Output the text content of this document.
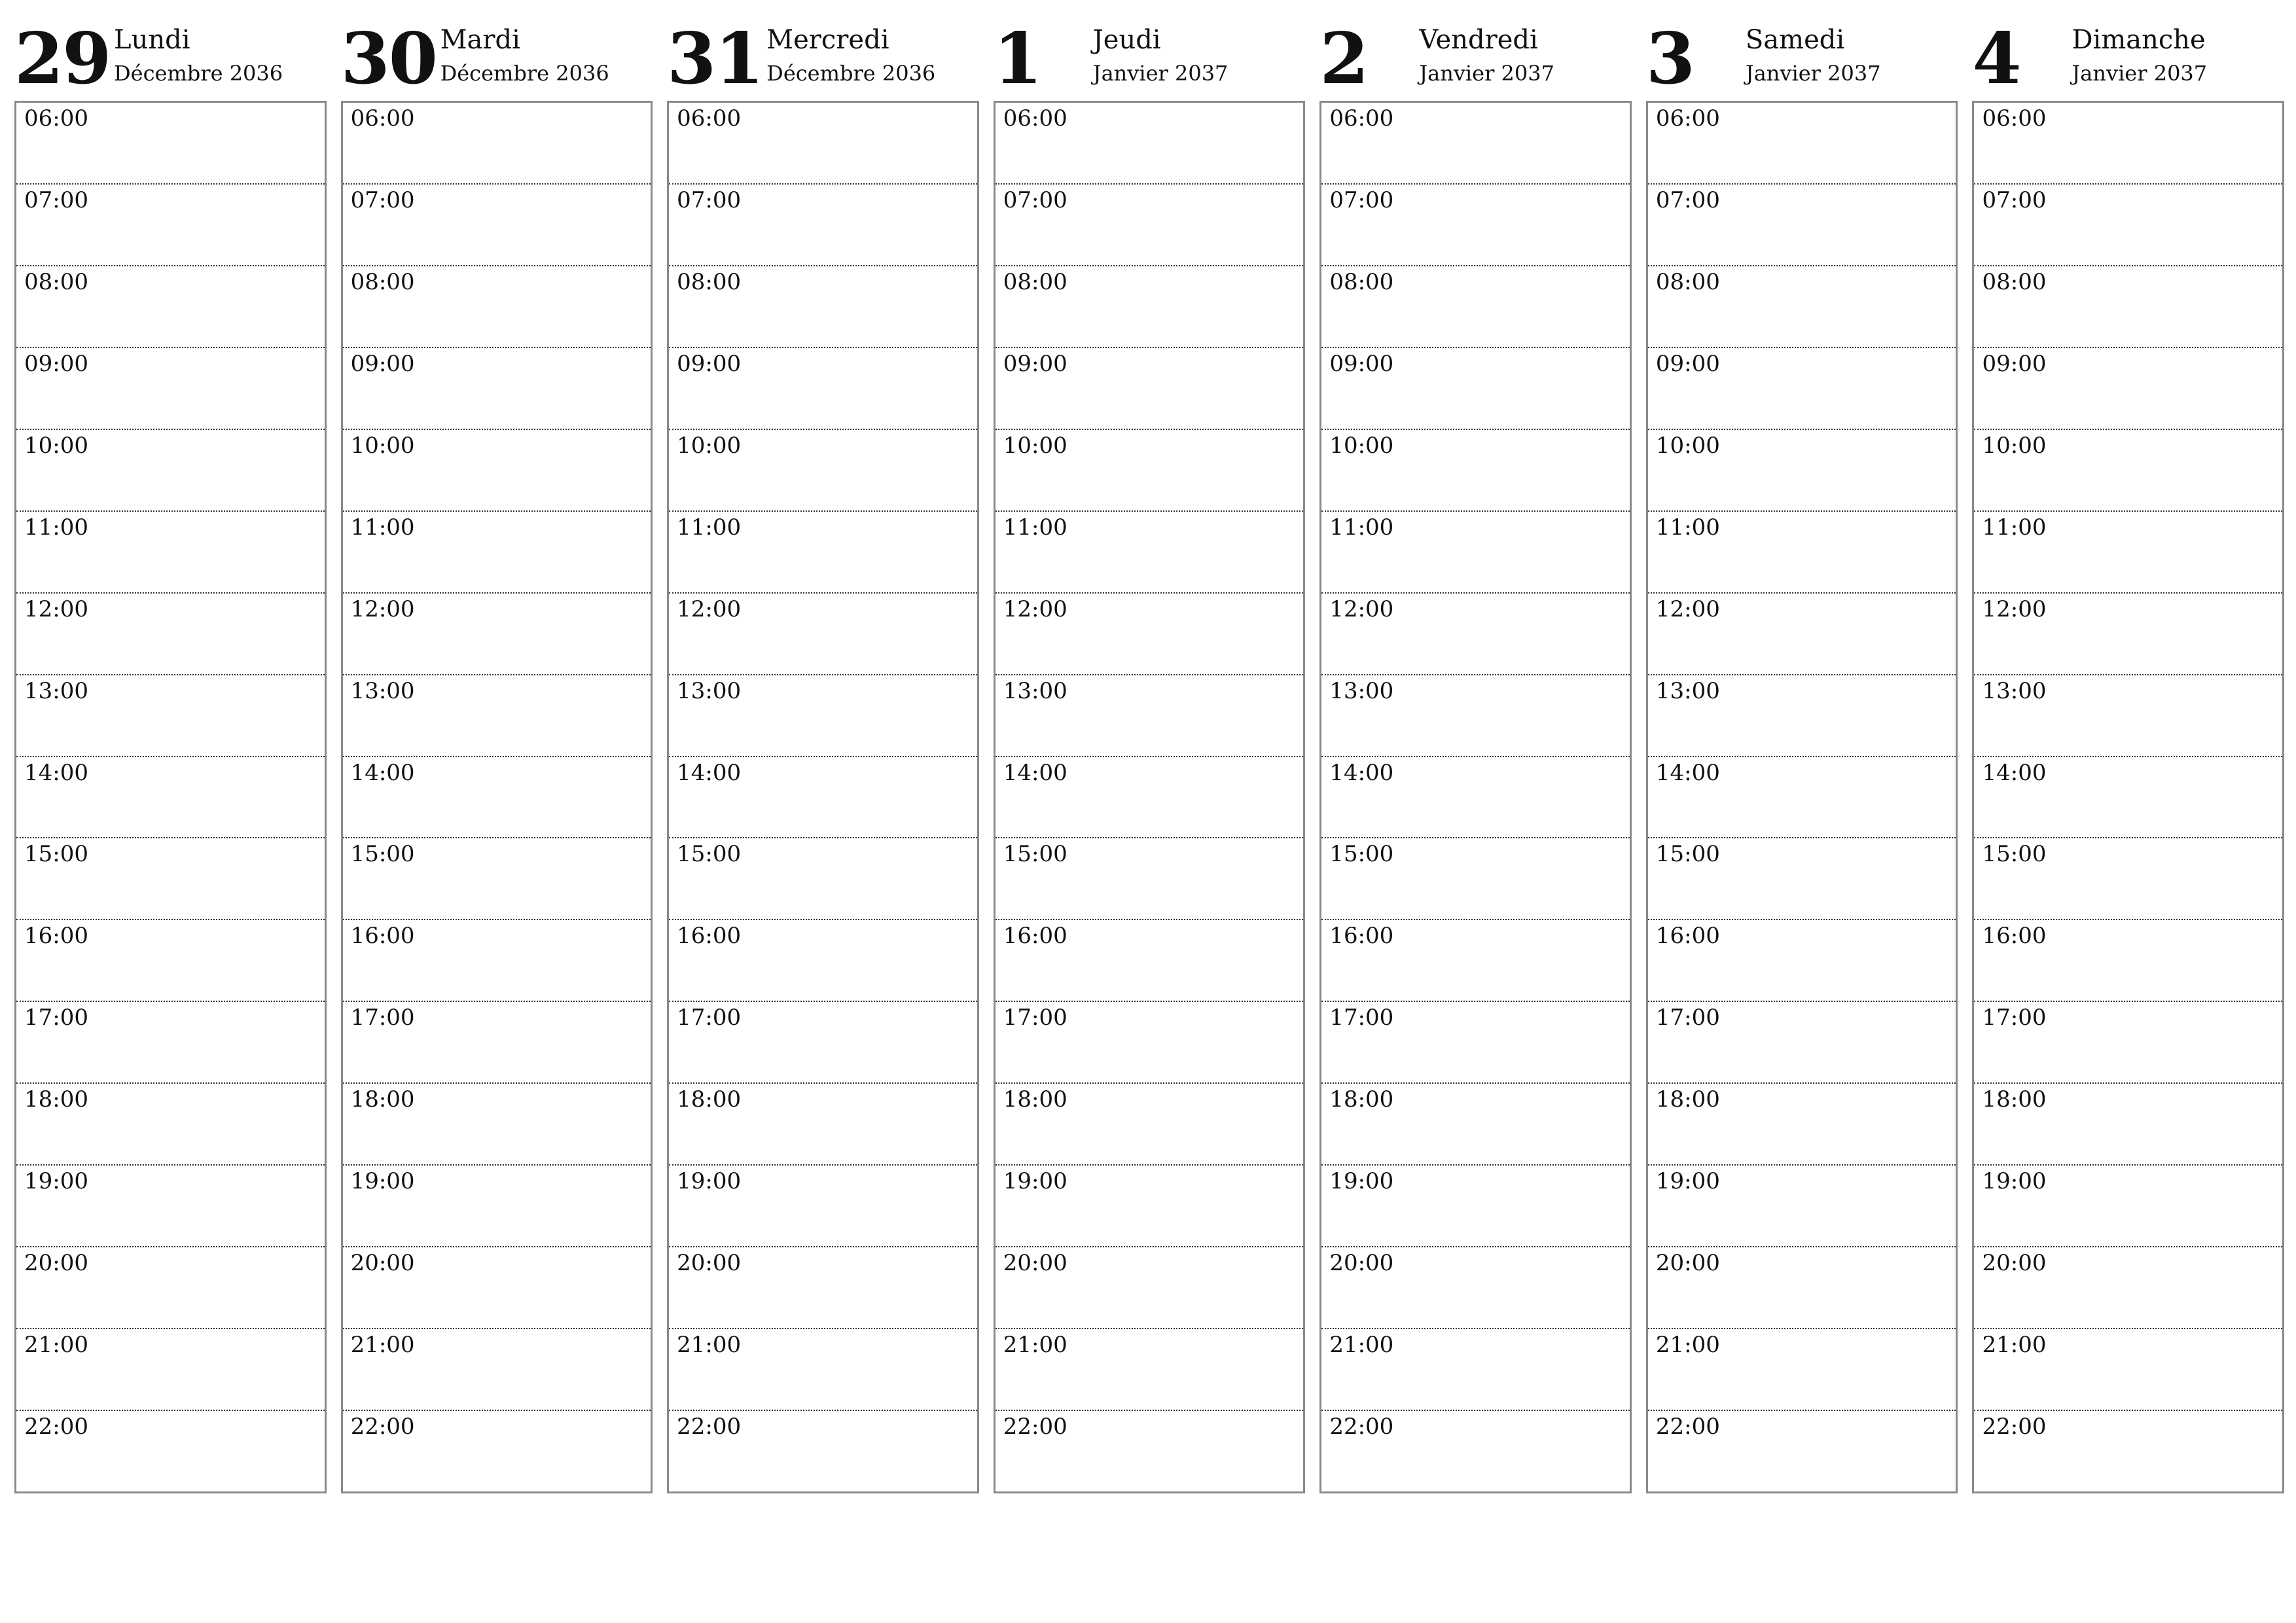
29 Lundi
Décembre 2036
06:00
07:00
08:00
09:00
10:00
11:00
12:00
13:00
14:00
15:00
16:00
17:00
18:00
19:00
20:00
21:00
22:00
30 Mardi
Décembre 2036
06:00
07:00
08:00
09:00
10:00
11:00
12:00
13:00
14:00
15:00
16:00
17:00
18:00
19:00
20:00
21:00
22:00
31 Mercredi
Décembre 2036
06:00
07:00
08:00
09:00
10:00
11:00
12:00
13:00
14:00
15:00
16:00
17:00
18:00
19:00
20:00
21:00
22:00
1	Jeudi
Janvier 2037
06:00
07:00
08:00
09:00
10:00
11:00
12:00
13:00
14:00
15:00
16:00
17:00
18:00
19:00
20:00
21:00
22:00
2	Vendredi
Janvier 2037
06:00
07:00
08:00
09:00
10:00
11:00
12:00
13:00
14:00
15:00
16:00
17:00
18:00
19:00
20:00
21:00
22:00
3	Samedi
Janvier 2037
06:00
07:00
08:00
09:00
10:00
11:00
12:00
13:00
14:00
15:00
16:00
17:00
18:00
19:00
20:00
21:00
22:00
4	Dimanche
Janvier 2037
06:00
07:00
08:00
09:00
10:00
11:00
12:00
13:00
14:00
15:00
16:00
17:00
18:00
19:00
20:00
21:00
22:00
